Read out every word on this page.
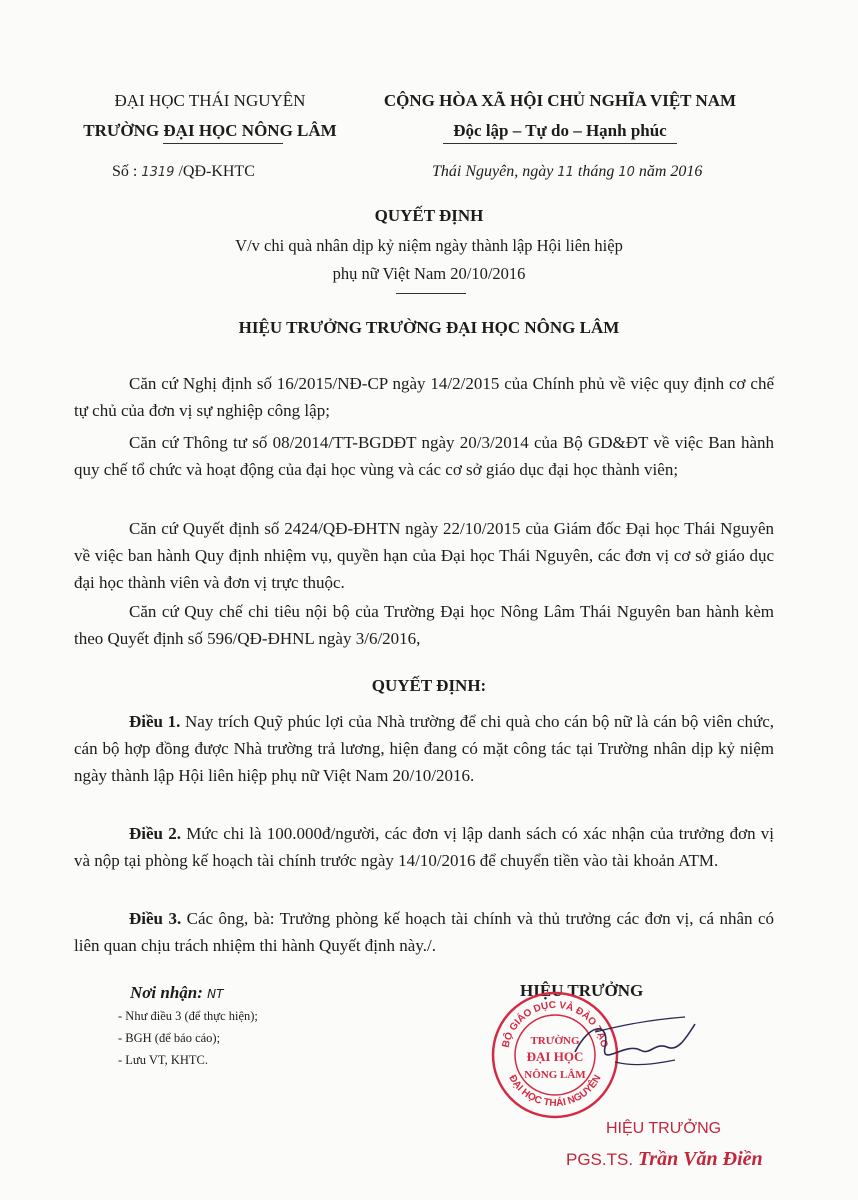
ĐẠI HỌC THÁI NGUYÊN
TRƯỜNG ĐẠI HỌC NÔNG LÂM
CỘNG HÒA XÃ HỘI CHỦ NGHĨA VIỆT NAM
Độc lập – Tự do – Hạnh phúc
Số : 1319 /QĐ-KHTC	Thái Nguyên, ngày 11 tháng 10 năm 2016
QUYẾT ĐỊNH
V/v chi quà nhân dịp kỷ niệm ngày thành lập Hội liên hiệp
phụ nữ Việt Nam 20/10/2016
HIỆU TRƯỞNG TRƯỜNG ĐẠI HỌC NÔNG LÂM
Căn cứ Nghị định số 16/2015/NĐ-CP ngày 14/2/2015 của Chính phủ về việc quy định cơ chế tự chủ của đơn vị sự nghiệp công lập;
Căn cứ Thông tư số 08/2014/TT-BGDĐT ngày 20/3/2014 của Bộ GD&ĐT về việc Ban hành quy chế tổ chức và hoạt động của đại học vùng và các cơ sở giáo dục đại học thành viên;
Căn cứ Quyết định số 2424/QĐ-ĐHTN ngày 22/10/2015 của Giám đốc Đại học Thái Nguyên về việc ban hành Quy định nhiệm vụ, quyền hạn của Đại học Thái Nguyên, các đơn vị cơ sở giáo dục đại học thành viên và đơn vị trực thuộc.
Căn cứ Quy chế chi tiêu nội bộ của Trường Đại học Nông Lâm Thái Nguyên ban hành kèm theo Quyết định số 596/QĐ-ĐHNL ngày 3/6/2016,
QUYẾT ĐỊNH:
Điều 1. Nay trích Quỹ phúc lợi của Nhà trường để chi quà cho cán bộ nữ là cán bộ viên chức, cán bộ hợp đồng được Nhà trường trả lương, hiện đang có mặt công tác tại Trường nhân dịp kỷ niệm ngày thành lập Hội liên hiệp phụ nữ Việt Nam 20/10/2016.
Điều 2. Mức chi là 100.000đ/người, các đơn vị lập danh sách có xác nhận của trưởng đơn vị và nộp tại phòng kế hoạch tài chính trước ngày 14/10/2016 để chuyển tiền vào tài khoản ATM.
Điều 3. Các ông, bà: Trưởng phòng kế hoạch tài chính và thủ trưởng các đơn vị, cá nhân có liên quan chịu trách nhiệm thi hành Quyết định này./.
Nơi nhận: NT
- Như điều 3 (để thực hiện);
- BGH (để báo cáo);
- Lưu VT, KHTC.
HIỆU TRƯỞNG
BỘ GIÁO DỤC VÀ ĐÀO TẠO
ĐẠI HỌC THÁI NGUYÊN
TRƯỜNG
ĐẠI HỌC
NÔNG LÂM
HIỆU TRƯỞNG
PGS.TS. Trần Văn Điền
